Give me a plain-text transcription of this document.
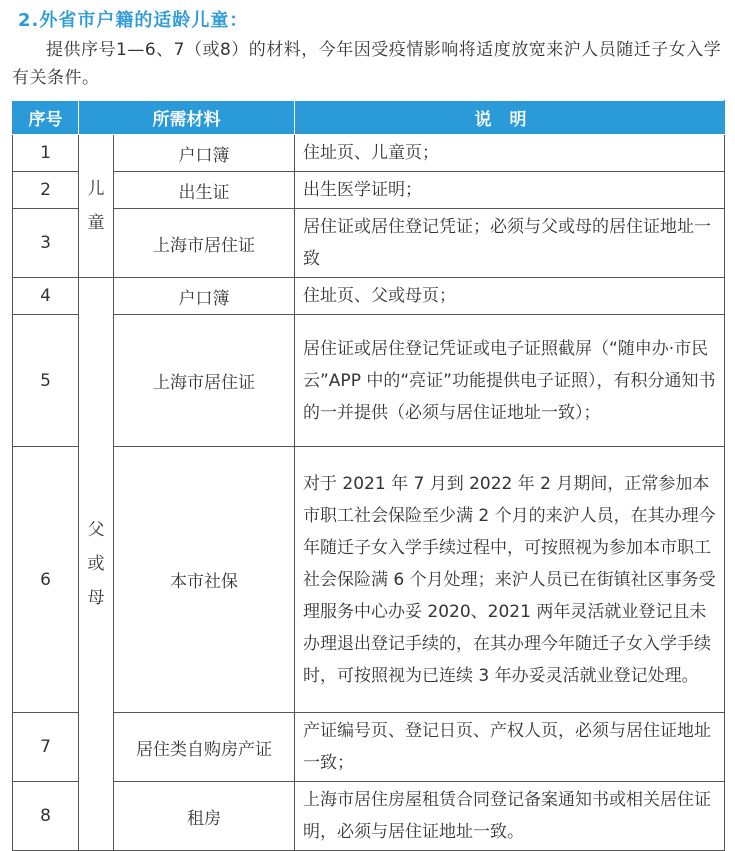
2.外省市户籍的适龄儿童：
提供序号1—6、7（或8）的材料，今年因受疫情影响将适度放宽来沪人员随迁子女入学有关条件。
序号	所需材料		说明
1	儿童	户口簿	住址页、儿童页；
2		出生证	出生医学证明；
3		上海市居住证	居住证或居住登记凭证；必须与父或母的居住证地址一致
4	父或母	户口簿	住址页、父或母页；
5		上海市居住证	居住证或居住登记凭证或电子证照截屏（“随申办·市民云”APP 中的“亮证”功能提供电子证照），有积分通知书的一并提供（必须与居住证地址一致）；
6		本市社保	对于 2021 年 7 月到 2022 年 2 月期间，正常参加本市职工社会保险至少满 2 个月的来沪人员，在其办理今年随迁子女入学手续过程中，可按照视为参加本市职工社会保险满 6 个月处理；来沪人员已在街镇社区事务受理服务中心办妥 2020、2021 两年灵活就业登记且未办理退出登记手续的，在其办理今年随迁子女入学手续时，可按照视为已连续 3 年办妥灵活就业登记处理。
7		居住类自购房产证	产证编号页、登记日页、产权人页，必须与居住证地址一致；
8		租房	上海市居住房屋租赁合同登记备案通知书或相关居住证明，必须与居住证地址一致。
